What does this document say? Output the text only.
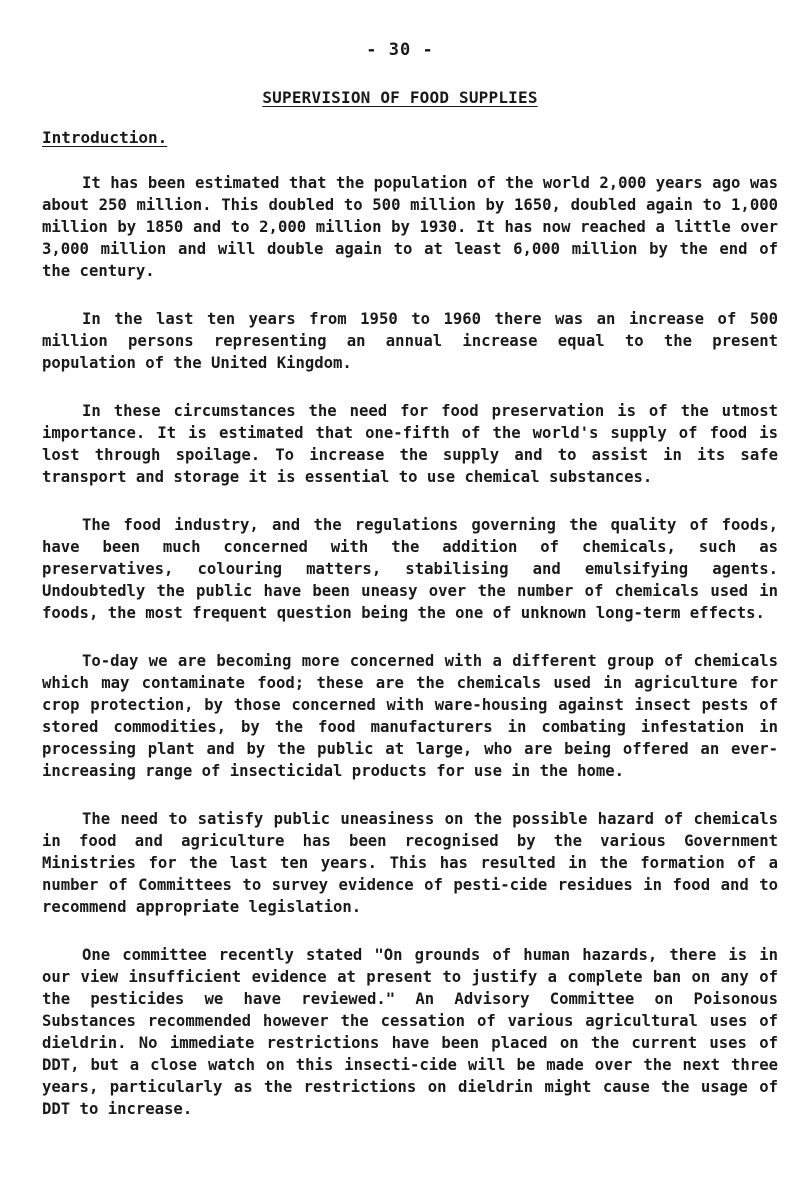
- 30 -
SUPERVISION OF FOOD SUPPLIES
Introduction.

It has been estimated that the population of the world 2,000 years ago was about 250 million. This doubled to 500 million by 1650, doubled again to 1,000 million by 1850 and to 2,000 million by 1930. It has now reached a little over 3,000 million and will double again to at least 6,000 million by the end of the century.

In the last ten years from 1950 to 1960 there was an increase of 500 million persons representing an annual increase equal to the present population of the United Kingdom.

In these circumstances the need for food preservation is of the utmost importance. It is estimated that one-fifth of the world's supply of food is lost through spoilage. To increase the supply and to assist in its safe transport and storage it is essential to use chemical substances.

The food industry, and the regulations governing the quality of foods, have been much concerned with the addition of chemicals, such as preservatives, colouring matters, stabilising and emulsifying agents. Undoubtedly the public have been uneasy over the number of chemicals used in foods, the most frequent question being the one of unknown long-term effects.

To-day we are becoming more concerned with a different group of chemicals which may contaminate food; these are the chemicals used in agriculture for crop protection, by those concerned with ware-housing against insect pests of stored commodities, by the food manufacturers in combating infestation in processing plant and by the public at large, who are being offered an ever-increasing range of insecticidal products for use in the home.

The need to satisfy public uneasiness on the possible hazard of chemicals in food and agriculture has been recognised by the various Government Ministries for the last ten years. This has resulted in the formation of a number of Committees to survey evidence of pesti-cide residues in food and to recommend appropriate legislation.

One committee recently stated "On grounds of human hazards, there is in our view insufficient evidence at present to justify a complete ban on any of the pesticides we have reviewed." An Advisory Committee on Poisonous Substances recommended however the cessation of various agricultural uses of dieldrin. No immediate restrictions have been placed on the current uses of DDT, but a close watch on this insecti-cide will be made over the next three years, particularly as the restrictions on dieldrin might cause the usage of DDT to increase.
